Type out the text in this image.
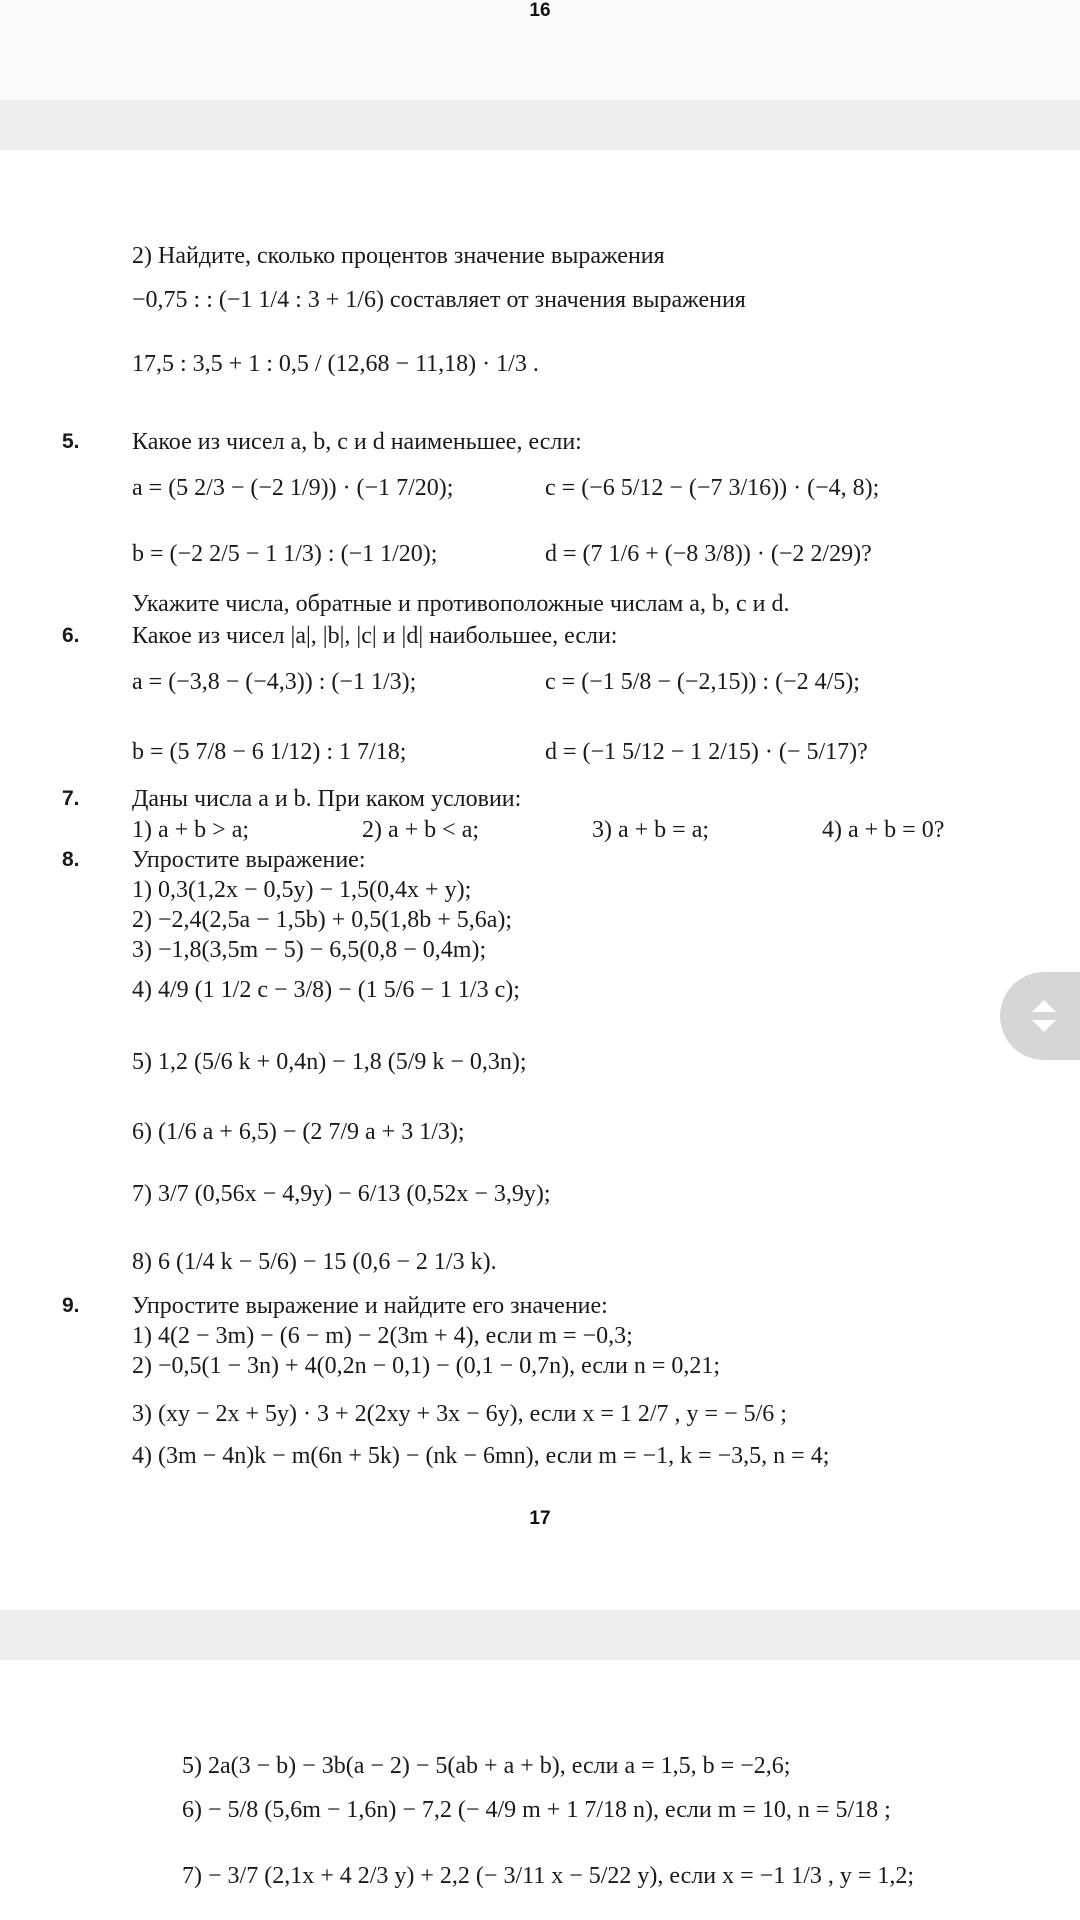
16
2) Найдите, сколько процентов значение выражения
−0,75 : : (−1 1/4 : 3 + 1/6) составляет от значения выражения
17,5 : 3,5 + 1 : 0,5 / (12,68 − 11,18) · 1/3 .
5. Какое из чисел a, b, c и d наименьшее, если:
a = (5 2/3 − (−2 1/9)) · (−1 7/20);	c = (−6 5/12 − (−7 3/16)) · (−4, 8);
b = (−2 2/5 − 1 1/3) : (−1 1/20);	d = (7 1/6 + (−8 3/8)) · (−2 2/29)?
Укажите числа, обратные и противоположные числам a, b, c и d.
6. Какое из чисел |a|, |b|, |c| и |d| наибольшее, если:
a = (−3,8 − (−4,3)) : (−1 1/3);	c = (−1 5/8 − (−2,15)) : (−2 4/5);
b = (5 7/8 − 6 1/12) : 1 7/18;	d = (−1 5/12 − 1 2/15) · (− 5/17)?
7. Даны числа a и b. При каком условии:
1) a + b > a;	2) a + b < a;	3) a + b = a;	4) a + b = 0?
8. Упростите выражение:
1) 0,3(1,2x − 0,5y) − 1,5(0,4x + y);
2) −2,4(2,5a − 1,5b) + 0,5(1,8b + 5,6a);
3) −1,8(3,5m − 5) − 6,5(0,8 − 0,4m);
4) 4/9 (1 1/2 c − 3/8) − (1 5/6 − 1 1/3 c);
5) 1,2 (5/6 k + 0,4n) − 1,8 (5/9 k − 0,3n);
6) (1/6 a + 6,5) − (2 7/9 a + 3 1/3);
7) 3/7 (0,56x − 4,9y) − 6/13 (0,52x − 3,9y);
8) 6 (1/4 k − 5/6) − 15 (0,6 − 2 1/3 k).
9. Упростите выражение и найдите его значение:
1) 4(2 − 3m) − (6 − m) − 2(3m + 4), если m = −0,3;
2) −0,5(1 − 3n) + 4(0,2n − 0,1) − (0,1 − 0,7n), если n = 0,21;
3) (xy − 2x + 5y) · 3 + 2(2xy + 3x − 6y), если x = 1 2/7 , y = − 5/6 ;
4) (3m − 4n)k − m(6n + 5k) − (nk − 6mn), если m = −1, k = −3,5, n = 4;
17
5) 2a(3 − b) − 3b(a − 2) − 5(ab + a + b), если a = 1,5, b = −2,6;
6) − 5/8 (5,6m − 1,6n) − 7,2 (− 4/9 m + 1 7/18 n), если m = 10, n = 5/18 ;
7) − 3/7 (2,1x + 4 2/3 y) + 2,2 (− 3/11 x − 5/22 y), если x = −1 1/3 , y = 1,2;
